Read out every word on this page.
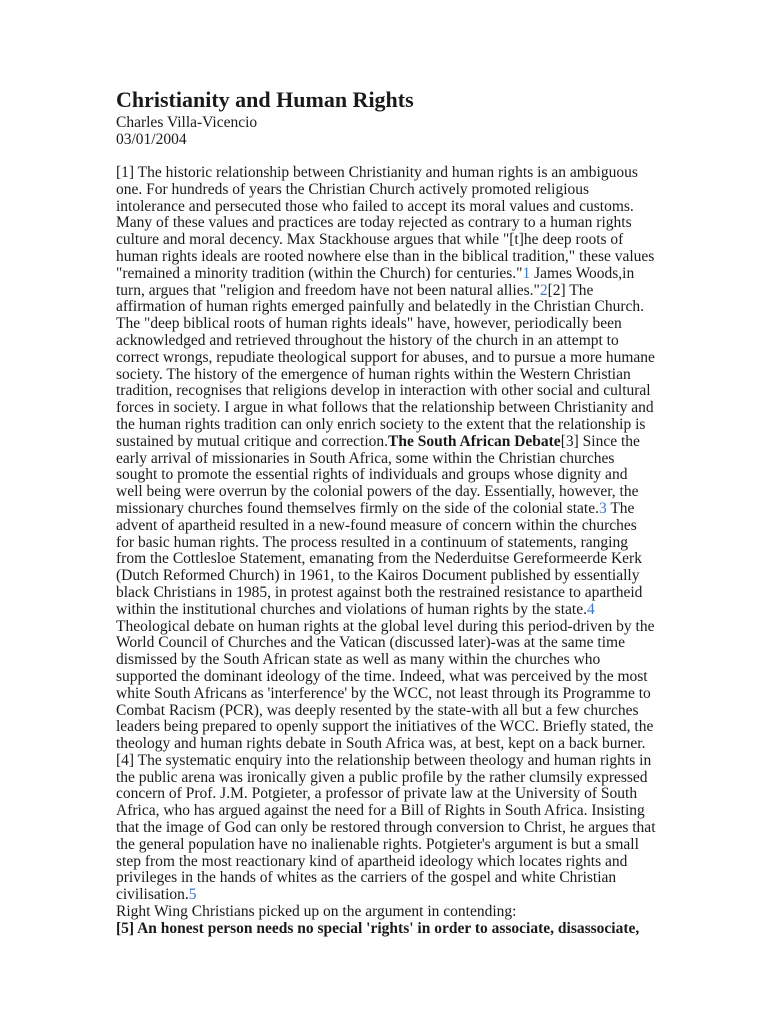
Christianity and Human Rights
Charles Villa-Vicencio
03/01/2004
[1] The historic relationship between Christianity and human rights is an ambiguous one. For hundreds of years the Christian Church actively promoted religious intolerance and persecuted those who failed to accept its moral values and customs. Many of these values and practices are today rejected as contrary to a human rights culture and moral decency. Max Stackhouse argues that while "[t]he deep roots of human rights ideals are rooted nowhere else than in the biblical tradition," these values "remained a minority tradition (within the Church) for centuries."1 James Woods,in turn, argues that "religion and freedom have not been natural allies."2[2] The affirmation of human rights emerged painfully and belatedly in the Christian Church. The "deep biblical roots of human rights ideals" have, however, periodically been acknowledged and retrieved throughout the history of the church in an attempt to correct wrongs, repudiate theological support for abuses, and to pursue a more humane society. The history of the emergence of human rights within the Western Christian tradition, recognises that religions develop in interaction with other social and cultural forces in society. I argue in what follows that the relationship between Christianity and the human rights tradition can only enrich society to the extent that the relationship is sustained by mutual critique and correction.The South African Debate[3] Since the early arrival of missionaries in South Africa, some within the Christian churches sought to promote the essential rights of individuals and groups whose dignity and well being were overrun by the colonial powers of the day. Essentially, however, the missionary churches found themselves firmly on the side of the colonial state.3 The advent of apartheid resulted in a new-found measure of concern within the churches for basic human rights. The process resulted in a continuum of statements, ranging from the Cottlesloe Statement, emanating from the Nederduitse Gereformeerde Kerk (Dutch Reformed Church) in 1961, to the Kairos Document published by essentially black Christians in 1985, in protest against both the restrained resistance to apartheid within the institutional churches and violations of human rights by the state.4 Theological debate on human rights at the global level during this period-driven by the World Council of Churches and the Vatican (discussed later)-was at the same time dismissed by the South African state as well as many within the churches who supported the dominant ideology of the time. Indeed, what was perceived by the most white South Africans as 'interference' by the WCC, not least through its Programme to Combat Racism (PCR), was deeply resented by the state-with all but a few churches leaders being prepared to openly support the initiatives of the WCC. Briefly stated, the theology and human rights debate in South Africa was, at best, kept on a back burner.[4] The systematic enquiry into the relationship between theology and human rights in the public arena was ironically given a public profile by the rather clumsily expressed concern of Prof. J.M. Potgieter, a professor of private law at the University of South Africa, who has argued against the need for a Bill of Rights in South Africa. Insisting that the image of God can only be restored through conversion to Christ, he argues that the general population have no inalienable rights. Potgieter's argument is but a small step from the most reactionary kind of apartheid ideology which locates rights and privileges in the hands of whites as the carriers of the gospel and white Christian civilisation.5
Right Wing Christians picked up on the argument in contending:
[5] An honest person needs no special 'rights' in order to associate, disassociate,
